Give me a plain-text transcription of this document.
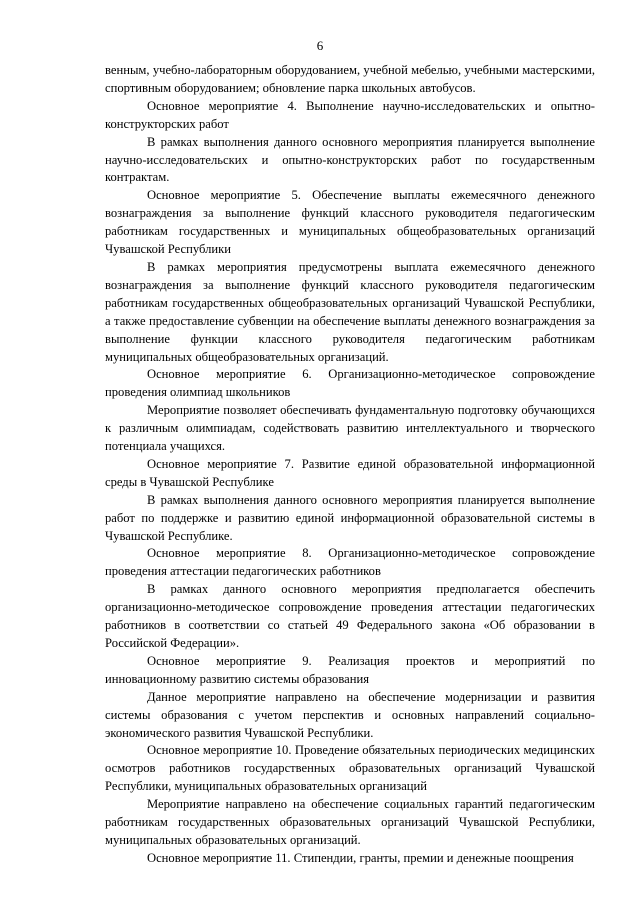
6

венным, учебно-лабораторным оборудованием, учебной мебелью, учебными мастерскими, спортивным оборудованием; обновление парка школьных автобусов.

Основное мероприятие 4. Выполнение научно-исследовательских и опытно-конструкторских работ

В рамках выполнения данного основного мероприятия планируется выполнение научно-исследовательских и опытно-конструкторских работ по государственным контрактам.

Основное мероприятие 5. Обеспечение выплаты ежемесячного денежного вознаграждения за выполнение функций классного руководителя педагогическим работникам государственных и муниципальных общеобразовательных организаций Чувашской Республики

В рамках мероприятия предусмотрены выплата ежемесячного денежного вознаграждения за выполнение функций классного руководителя педагогическим работникам государственных общеобразовательных организаций Чувашской Республики, а также предоставление субвенции на обеспечение выплаты денежного вознаграждения за выполнение функции классного руководителя педагогическим работникам муниципальных общеобразовательных организаций.

Основное мероприятие 6. Организационно-методическое сопровождение проведения олимпиад школьников

Мероприятие позволяет обеспечивать фундаментальную подготовку обучающихся к различным олимпиадам, содействовать развитию интеллектуального и творческого потенциала учащихся.

Основное мероприятие 7. Развитие единой образовательной информационной среды в Чувашской Республике

В рамках выполнения данного основного мероприятия планируется выполнение работ по поддержке и развитию единой информационной образовательной системы в Чувашской Республике.

Основное мероприятие 8. Организационно-методическое сопровождение проведения аттестации педагогических работников

В рамках данного основного мероприятия предполагается обеспечить организационно-методическое сопровождение проведения аттестации педагогических работников в соответствии со статьей 49 Федерального закона «Об образовании в Российской Федерации».

Основное мероприятие 9. Реализация проектов и мероприятий по инновационному развитию системы образования

Данное мероприятие направлено на обеспечение модернизации и развития системы образования с учетом перспектив и основных направлений социально-экономического развития Чувашской Республики.

Основное мероприятие 10. Проведение обязательных периодических медицинских осмотров работников государственных образовательных организаций Чувашской Республики, муниципальных образовательных организаций

Мероприятие направлено на обеспечение социальных гарантий педагогическим работникам государственных образовательных организаций Чувашской Республики, муниципальных образовательных организаций.

Основное мероприятие 11. Стипендии, гранты, премии и денежные поощрения
